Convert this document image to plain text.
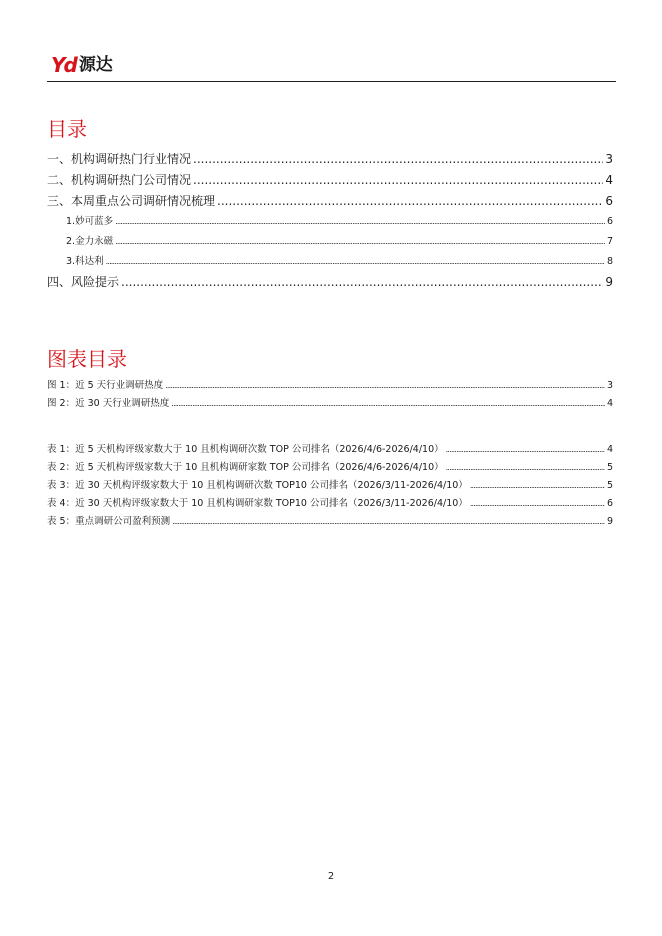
Yd 源达
目录
一、机构调研热门行业情况 .....	3
二、机构调研热门公司情况 .....	4
三、本周重点公司调研情况梳理 .....	6
1.妙可蓝多 .....	6
2.金力永磁 .....	7
3.科达利 .....	8
四、风险提示 .....	9
图表目录
图 1：近 5 天行业调研热度 .....	3
图 2：近 30 天行业调研热度 .....	4
表 1：近 5 天机构评级家数大于 10 且机构调研次数 TOP 公司排名（2026/4/6-2026/4/10） .....	4
表 2：近 5 天机构评级家数大于 10 且机构调研家数 TOP 公司排名（2026/4/6-2026/4/10） .....	5
表 3：近 30 天机构评级家数大于 10 且机构调研次数 TOP10 公司排名（2026/3/11-2026/4/10） .....	5
表 4：近 30 天机构评级家数大于 10 且机构调研家数 TOP10 公司排名（2026/3/11-2026/4/10） .....	6
表 5：重点调研公司盈利预测 .....	9
2
